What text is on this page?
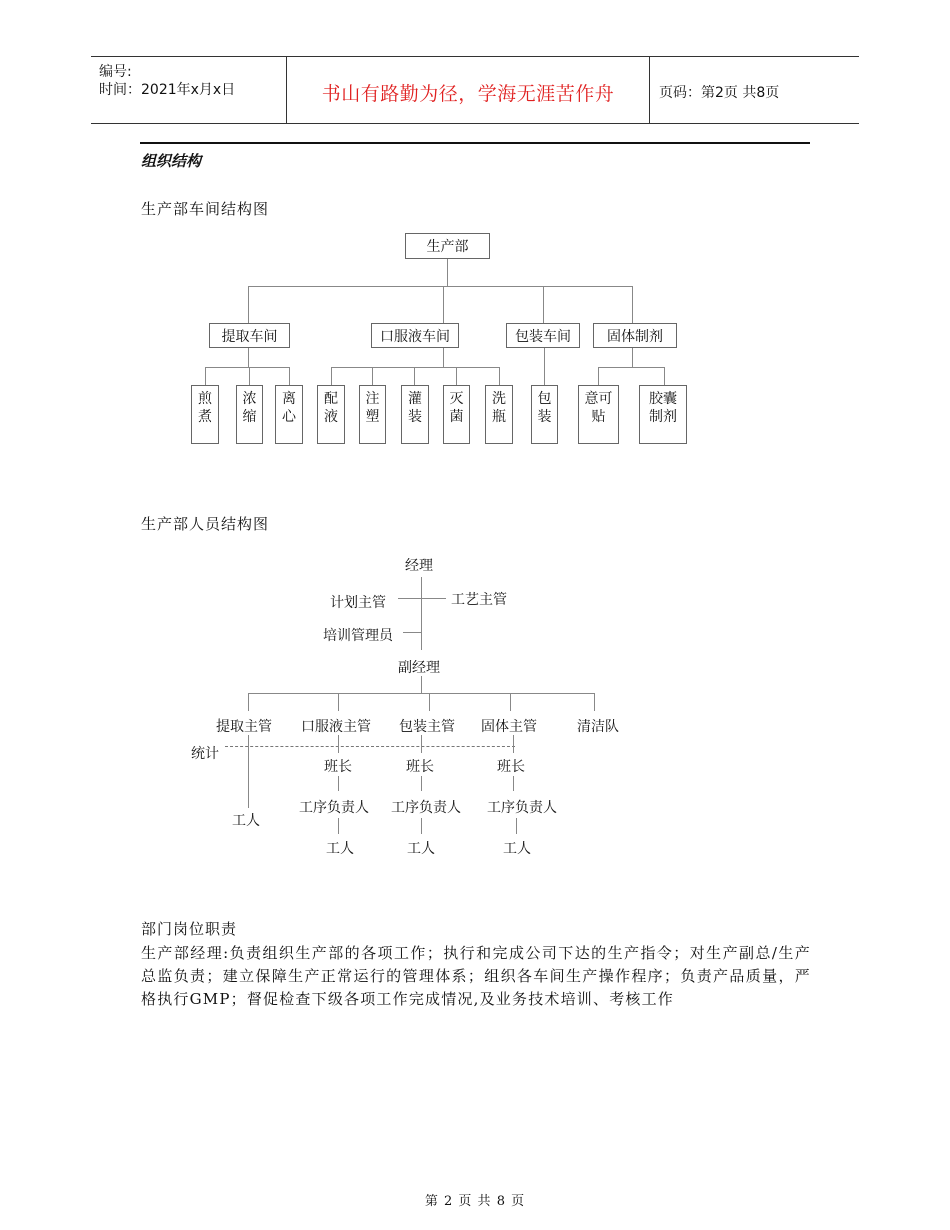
编号:
时间：2021年x月x日	书山有路勤为径，学海无涯苦作舟	页码：第2页 共8页
组织结构
生产部车间结构图
生产部
提取车间	口服液车间	包装车间	固体制剂
煎
煮
浓
缩
离
心
配
液
注
塑
灌
装
灭
菌
洗
瓶
包
装
意可
贴
胶囊
制剂
生产部人员结构图
经理
计划主管	工艺主管
培训管理员
副经理
提取主管 口服液主管 包装主管 固体主管	清洁队
统计
班长	班长	班长
工序负责人 工序负责人 工序负责人
工人
工人	工人	工人
部门岗位职责
生产部经理:负责组织生产部的各项工作；执行和完成公司下达的生产指令；对生产副总/生产总监负责；建立保障生产正常运行的管理体系；组织各车间生产操作程序；负责产品质量，严格执行GMP；督促检查下级各项工作完成情况,及业务技术培训、考核工作
第 2 页 共 8 页
